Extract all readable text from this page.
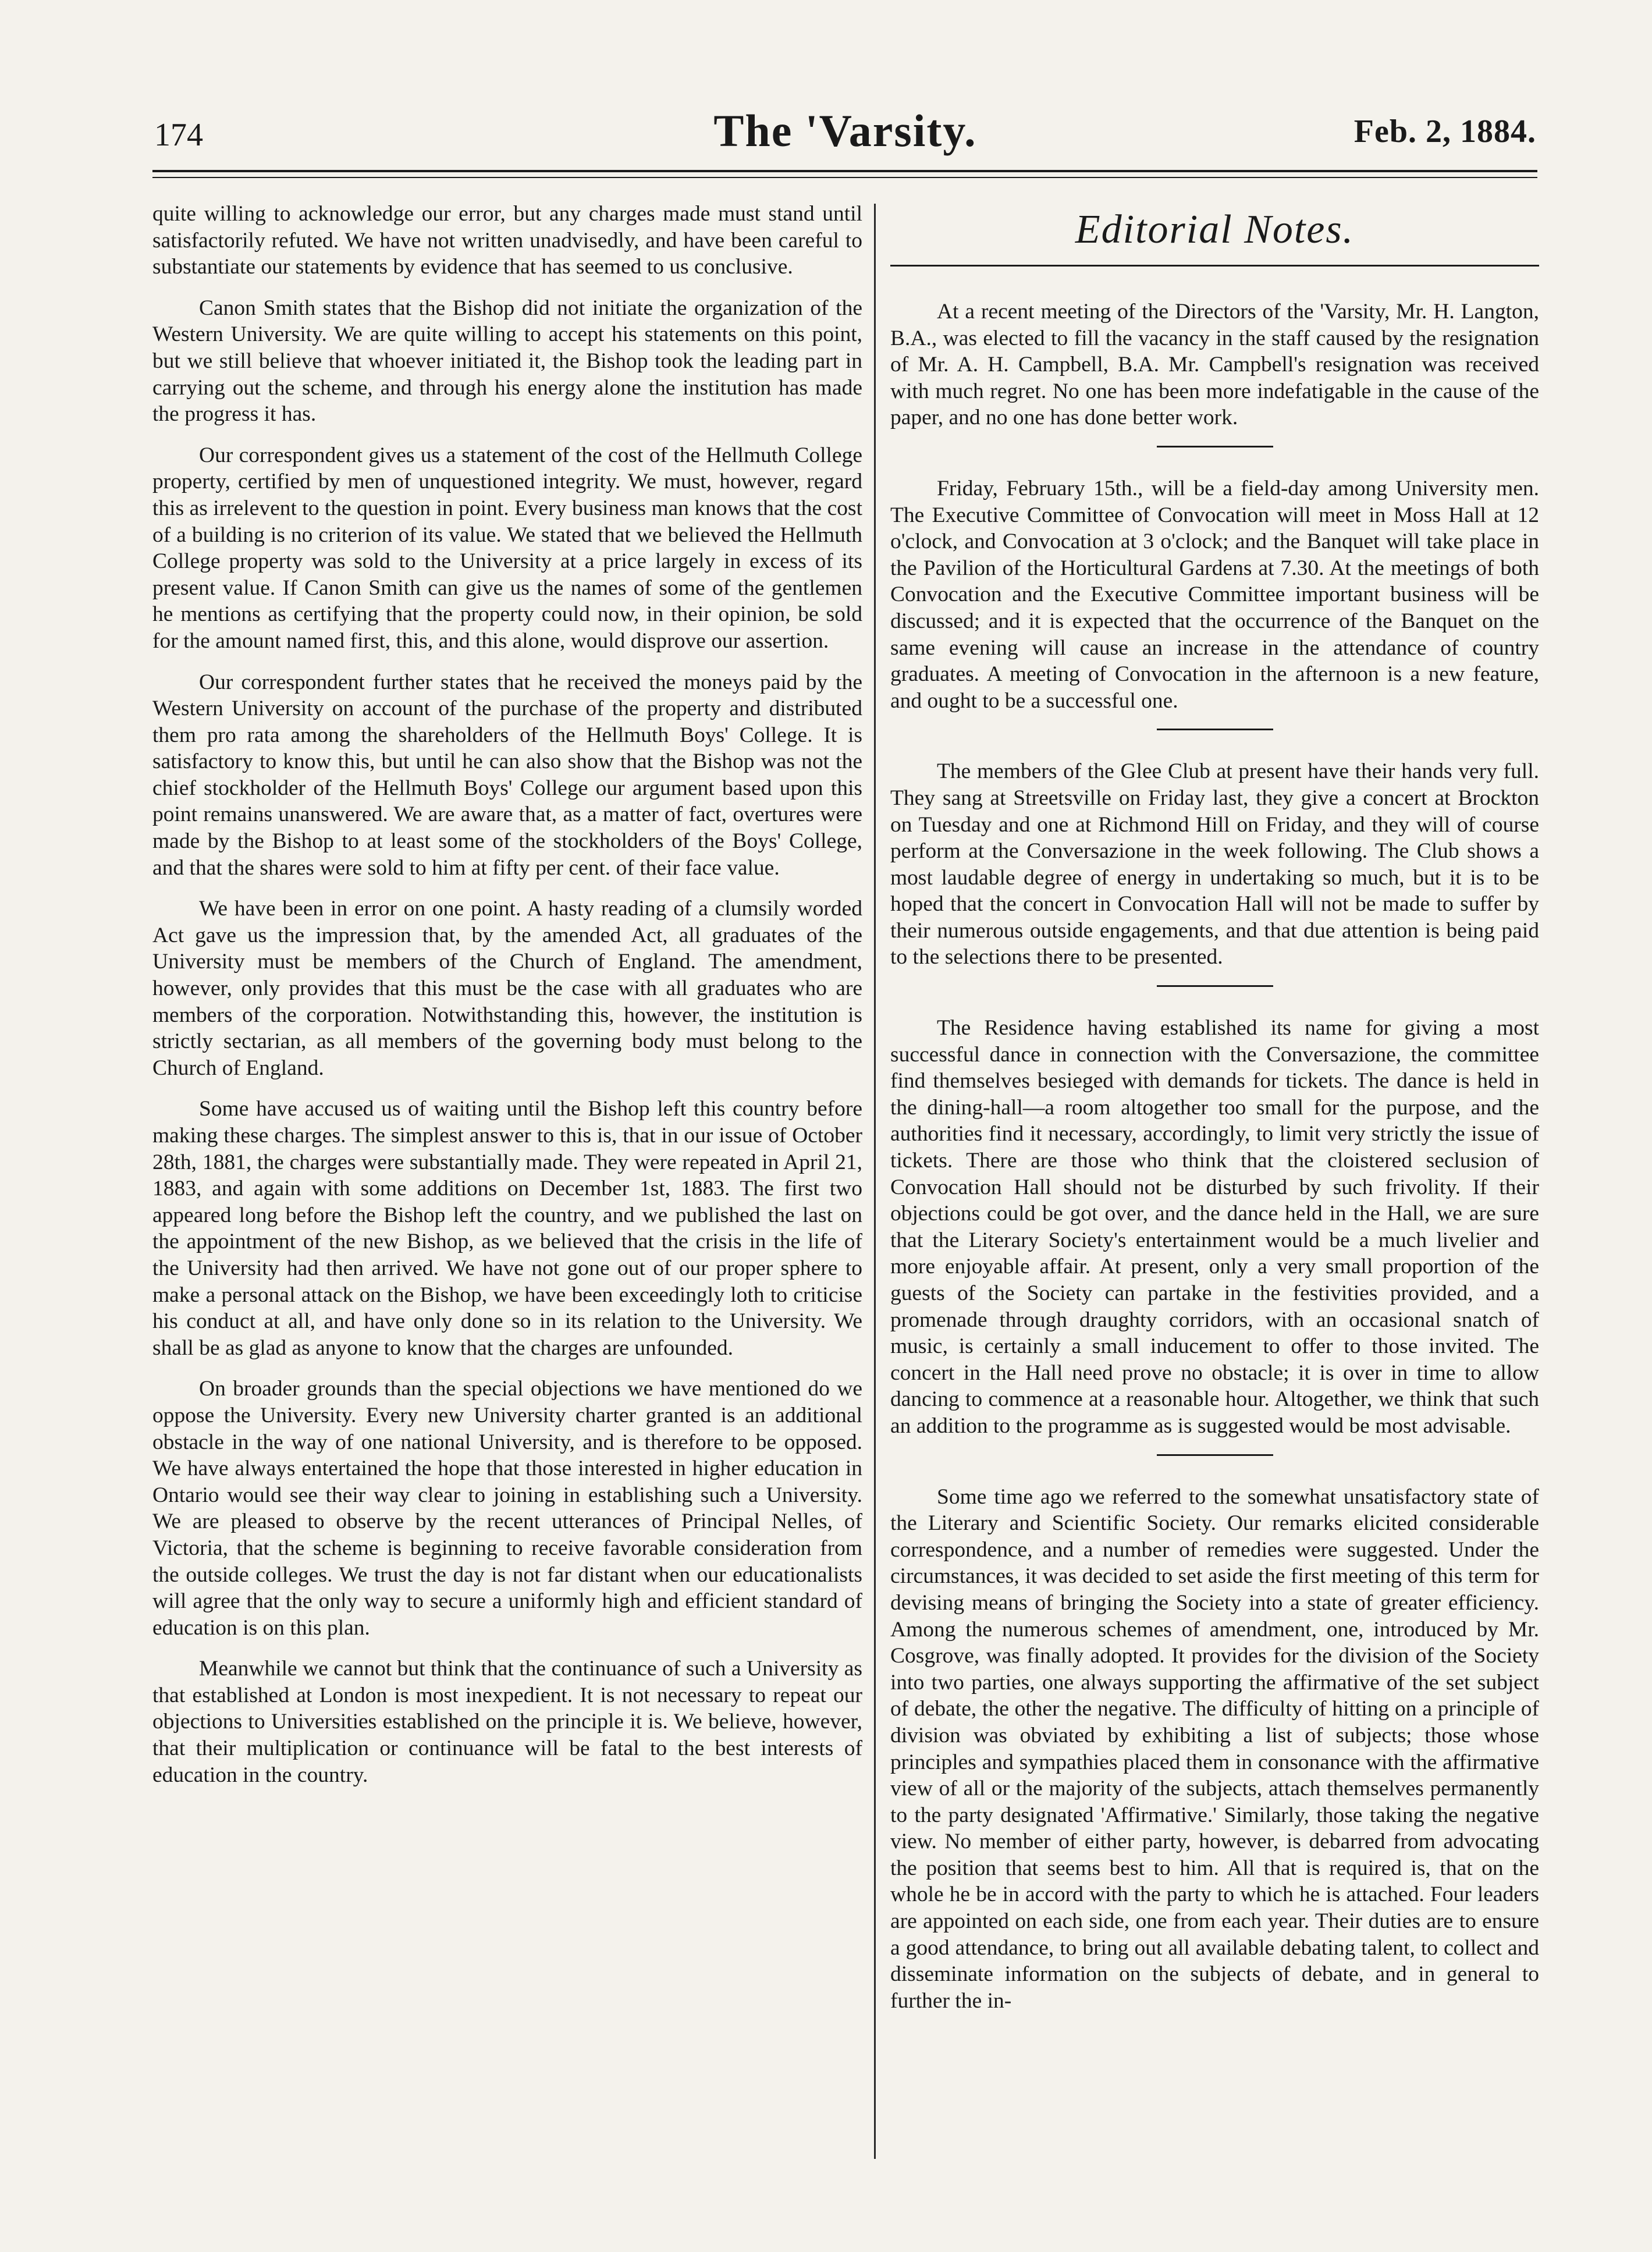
174	The 'Varsity.	Feb. 2, 1884.

quite willing to acknowledge our error, but any charges made must stand until satisfactorily refuted. We have not written unadvisedly, and have been careful to substantiate our statements by evidence that has seemed to us conclusive.

Canon Smith states that the Bishop did not initiate the organization of the Western University. We are quite willing to accept his statements on this point, but we still believe that whoever initiated it, the Bishop took the leading part in carrying out the scheme, and through his energy alone the institution has made the progress it has.

Our correspondent gives us a statement of the cost of the Hellmuth College property, certified by men of unquestioned integrity. We must, however, regard this as irrelevent to the question in point. Every business man knows that the cost of a building is no criterion of its value. We stated that we believed the Hellmuth College property was sold to the University at a price largely in excess of its present value. If Canon Smith can give us the names of some of the gentlemen he mentions as certifying that the property could now, in their opinion, be sold for the amount named first, this, and this alone, would disprove our assertion.

Our correspondent further states that he received the moneys paid by the Western University on account of the purchase of the property and distributed them pro rata among the shareholders of the Hellmuth Boys' College. It is satisfactory to know this, but until he can also show that the Bishop was not the chief stockholder of the Hellmuth Boys' College our argument based upon this point remains unanswered. We are aware that, as a matter of fact, overtures were made by the Bishop to at least some of the stockholders of the Boys' College, and that the shares were sold to him at fifty per cent. of their face value.

We have been in error on one point. A hasty reading of a clumsily worded Act gave us the impression that, by the amended Act, all graduates of the University must be members of the Church of England. The amendment, however, only provides that this must be the case with all graduates who are members of the corporation. Notwithstanding this, however, the institution is strictly sectarian, as all members of the governing body must belong to the Church of England.

Some have accused us of waiting until the Bishop left this country before making these charges. The simplest answer to this is, that in our issue of October 28th, 1881, the charges were substantially made. They were repeated in April 21, 1883, and again with some additions on December 1st, 1883. The first two appeared long before the Bishop left the country, and we published the last on the appointment of the new Bishop, as we believed that the crisis in the life of the University had then arrived. We have not gone out of our proper sphere to make a personal attack on the Bishop, we have been exceedingly loth to criticise his conduct at all, and have only done so in its relation to the University. We shall be as glad as anyone to know that the charges are unfounded.

On broader grounds than the special objections we have mentioned do we oppose the University. Every new University charter granted is an additional obstacle in the way of one national University, and is therefore to be opposed. We have always entertained the hope that those interested in higher education in Ontario would see their way clear to joining in establishing such a University. We are pleased to observe by the recent utterances of Principal Nelles, of Victoria, that the scheme is beginning to receive favorable consideration from the outside colleges. We trust the day is not far distant when our educationalists will agree that the only way to secure a uniformly high and efficient standard of education is on this plan.

Meanwhile we cannot but think that the continuance of such a University as that established at London is most inexpedient. It is not necessary to repeat our objections to Universities established on the principle it is. We believe, however, that their multiplication or continuance will be fatal to the best interests of education in the country.

Editorial Notes.

At a recent meeting of the Directors of the 'Varsity, Mr. H. Langton, B.A., was elected to fill the vacancy in the staff caused by the resignation of Mr. A. H. Campbell, B.A. Mr. Campbell's resignation was received with much regret. No one has been more indefatigable in the cause of the paper, and no one has done better work.

Friday, February 15th., will be a field-day among University men. The Executive Committee of Convocation will meet in Moss Hall at 12 o'clock, and Convocation at 3 o'clock; and the Banquet will take place in the Pavilion of the Horticultural Gardens at 7.30. At the meetings of both Convocation and the Executive Committee important business will be discussed; and it is expected that the occurrence of the Banquet on the same evening will cause an increase in the attendance of country graduates. A meeting of Convocation in the afternoon is a new feature, and ought to be a successful one.

The members of the Glee Club at present have their hands very full. They sang at Streetsville on Friday last, they give a concert at Brockton on Tuesday and one at Richmond Hill on Friday, and they will of course perform at the Conversazione in the week following. The Club shows a most laudable degree of energy in undertaking so much, but it is to be hoped that the concert in Convocation Hall will not be made to suffer by their numerous outside engagements, and that due attention is being paid to the selections there to be presented.

The Residence having established its name for giving a most successful dance in connection with the Conversazione, the committee find themselves besieged with demands for tickets. The dance is held in the dining-hall—a room altogether too small for the purpose, and the authorities find it necessary, accordingly, to limit very strictly the issue of tickets. There are those who think that the cloistered seclusion of Convocation Hall should not be disturbed by such frivolity. If their objections could be got over, and the dance held in the Hall, we are sure that the Literary Society's entertainment would be a much livelier and more enjoyable affair. At present, only a very small proportion of the guests of the Society can partake in the festivities provided, and a promenade through draughty corridors, with an occasional snatch of music, is certainly a small inducement to offer to those invited. The concert in the Hall need prove no obstacle; it is over in time to allow dancing to commence at a reasonable hour. Altogether, we think that such an addition to the programme as is suggested would be most advisable.

Some time ago we referred to the somewhat unsatisfactory state of the Literary and Scientific Society. Our remarks elicited considerable correspondence, and a number of remedies were suggested. Under the circumstances, it was decided to set aside the first meeting of this term for devising means of bringing the Society into a state of greater efficiency. Among the numerous schemes of amendment, one, introduced by Mr. Cosgrove, was finally adopted. It provides for the division of the Society into two parties, one always supporting the affirmative of the set subject of debate, the other the negative. The difficulty of hitting on a principle of division was obviated by exhibiting a list of subjects; those whose principles and sympathies placed them in consonance with the affirmative view of all or the majority of the subjects, attach themselves permanently to the party designated 'Affirmative.' Similarly, those taking the negative view. No member of either party, however, is debarred from advocating the position that seems best to him. All that is required is, that on the whole he be in accord with the party to which he is attached. Four leaders are appointed on each side, one from each year. Their duties are to ensure a good attendance, to bring out all available debating talent, to collect and disseminate information on the subjects of debate, and in general to further the in-
